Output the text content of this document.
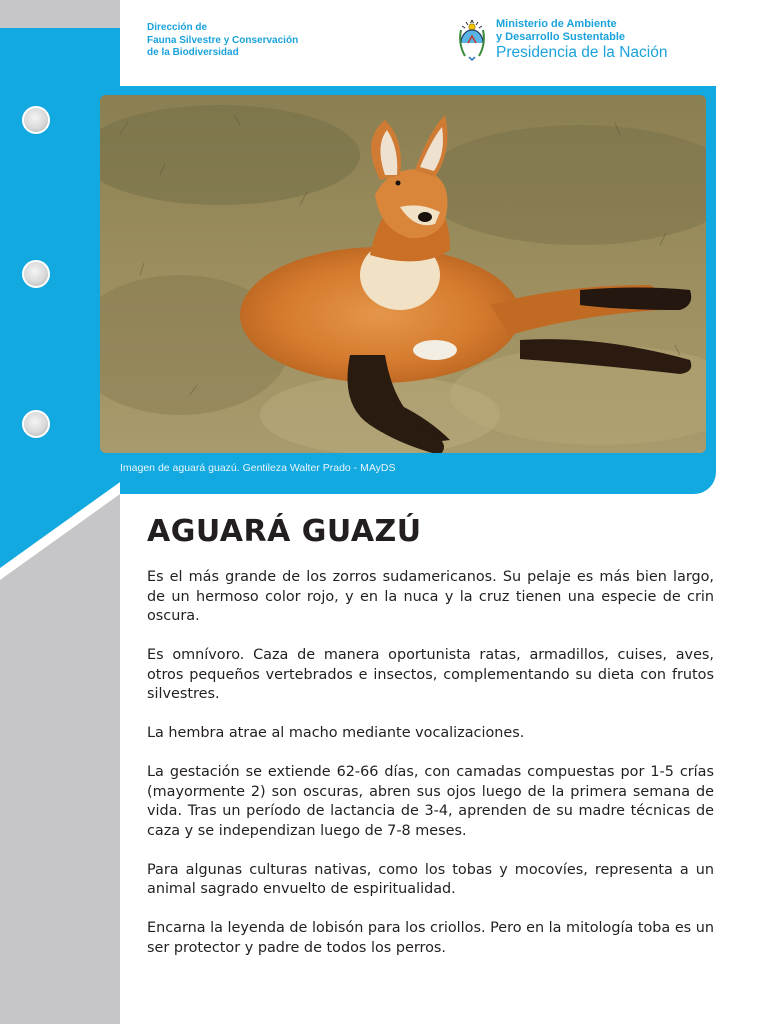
Dirección de
Fauna Silvestre y Conservación
de la Biodiversidad
Ministerio de Ambiente
y Desarrollo Sustentable
Presidencia de la Nación
Imagen de aguará guazú. Gentileza Walter Prado - MAyDS
AGUARÁ GUAZÚ

Es el más grande de los zorros sudamericanos. Su pelaje es más bien largo, de un hermoso color rojo, y en la nuca y la cruz tienen una especie de crin oscura.

Es omnívoro. Caza de manera oportunista ratas, armadillos, cuises, aves, otros pequeños vertebrados e insectos, complementando su dieta con frutos silvestres.

La hembra atrae al macho mediante vocalizaciones.

La gestación se extiende 62-66 días, con camadas compuestas por 1-5 crías (mayormente 2) son oscuras, abren sus ojos luego de la primera semana de vida. Tras un período de lactancia de 3-4, aprenden de su madre técnicas de caza y se independizan luego de 7-8 meses.

Para algunas culturas nativas, como los tobas y mocovíes, representa a un animal sagrado envuelto de espiritualidad.

Encarna la leyenda de lobisón para los criollos. Pero en la mitología toba es un ser protector y padre de todos los perros.
